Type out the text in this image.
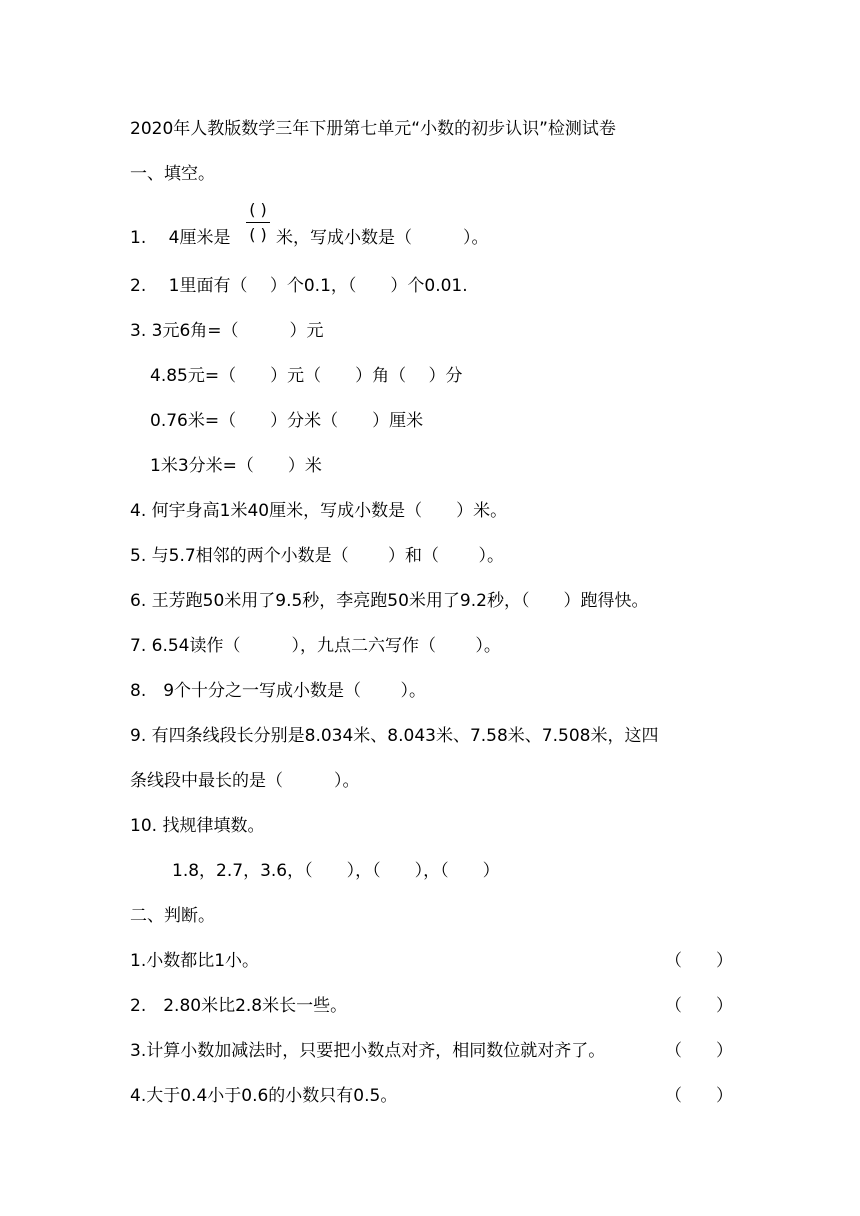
2020年人教版数学三年下册第七单元“小数的初步认识”检测试卷
一、填空。
1.　 4厘米是
( )
( ) 米，写成小数是（　　　）。
2.　 1里面有（　 ）个0.1，（　　）个0.01.
3. 3元6角=（　　　）元
4.85元=（　　）元（　　）角（　 ）分
0.76米=（　　）分米（　　）厘米
1米3分米=（　　）米
4. 何宇身高1米40厘米，写成小数是（　　）米。
5. 与5.7相邻的两个小数是（　　 ）和（　　 ）。
6. 王芳跑50米用了9.5秒，李亮跑50米用了9.2秒，（　　）跑得快。
7. 6.54读作（　　　），九点二六写作（　　 ）。
8.　9个十分之一写成小数是（　　 ）。
9. 有四条线段长分别是8.034米、8.043米、7.58米、7.508米，这四
条线段中最长的是（　　　）。
10. 找规律填数。
1.8，2.7，3.6，（　　），（　　），（　　）
二、判断。
1.小数都比1小。	（　　）
2.　2.80米比2.8米长一些。	（　　）
3.计算小数加减法时，只要把小数点对齐，相同数位就对齐了。	（　　）
4.大于0.4小于0.6的小数只有0.5。	（　　）
